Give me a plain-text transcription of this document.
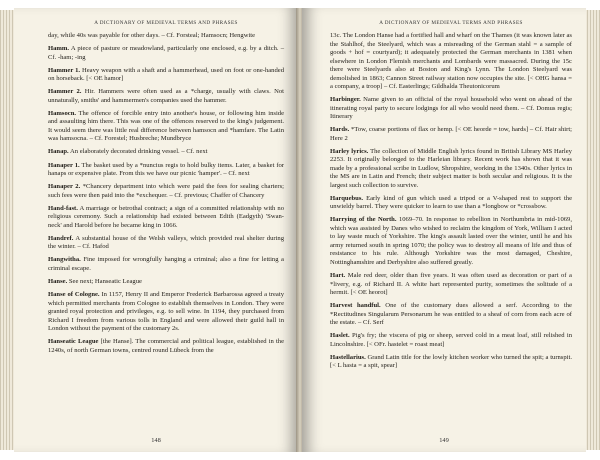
A DICTIONARY OF MEDIEVAL TERMS AND PHRASES

day, while 40s was payable for other days. – Cf. Forsteal; Hamsocn; Hengwite

Hamm. A piece of pasture or meadowland, particularly one enclosed, e.g. by a ditch. – Cf. -ham; -ing

Hammer 1. Heavy weapon with a shaft and a hammerhead, used on foot or one-handed on horseback. [< OE hamor]

Hammer 2. Hir. Hammers were often used as a *charge, usually with claws. Not unnaturally, smiths' and hammermen's companies used the hammer.

Hamsocn. The offence of forcible entry into another's house, or following him inside and assaulting him there. This was one of the offences reserved to the king's judgement. It would seem there was little real difference between hamsocn and *hamfare. The Latin was hamsocna. – Cf. Forestel; Husbreche; Mundbryce

Hanap. An elaborately decorated drinking vessel. – Cf. next

Hanaper 1. The basket used by a *nuncius regis to hold bulky items. Later, a basket for hanaps or expensive plate. From this we have our picnic 'hamper'. – Cf. next

Hanaper 2. *Chancery department into which were paid the fees for sealing charters; such fees were then paid into the *exchequer. – Cf. previous; Chaffer of Chancery

Hand-fast. A marriage or betrothal contract; a sign of a committed relationship with no religious ceremony. Such a relationship had existed between Edith (Eadgyth) 'Swan-neck' and Harold before he became king in 1066.

Handref. A substantial house of the Welsh valleys, which provided real shelter during the winter. – Cf. Hafod

Hangwitha. Fine imposed for wrongfully hanging a criminal; also a fine for letting a criminal escape.

Hanse. See next; Hanseatic League

Hanse of Cologne. In 1157, Henry II and Emperor Frederick Barbarossa agreed a treaty which permitted merchants from Cologne to establish themselves in London. They were granted royal protection and privileges, e.g. to sell wine. In 1194, they purchased from Richard I freedom from various tolls in England and were allowed their guild hall in London without the payment of the customary 2s.

Hanseatic League [the Hanse]. The commercial and political league, established in the 1240s, of north German towns, centred round Lübeck from the

148
A DICTIONARY OF MEDIEVAL TERMS AND PHRASES

13c. The London Hanse had a fortified hall and wharf on the Thames (it was known later as the Stahlhof, the Steelyard, which was a misreading of the German stahl = a sample of goods + hof = courtyard); it adequately protected the German merchants in 1381 when elsewhere in London Flemish merchants and Lombards were massacred. During the 15c there were Steelyards also at Boston and King's Lynn. The London Steelyard was demolished in 1863; Cannon Street railway station now occupies the site. [< OHG hansa = a company, a troop] – Cf. Easterlings; Gildhalda Theutonicorum

Harbinger. Name given to an official of the royal household who went on ahead of the itinerating royal party to secure lodgings for all who would need them. – Cf. Domus regis; Itinerary

Hards. *Tow, coarse portions of flax or hemp. [< OE heorde = tow, hards] – Cf. Hair shirt; Here 2

Harley lyrics. The collection of Middle English lyrics found in British Library MS Harley 2253. It originally belonged to the Harleian library. Recent work has shown that it was made by a professional scribe in Ludlow, Shropshire, working in the 1340s. Other lyrics in the MS are in Latin and French; their subject matter is both secular and religious. It is the largest such collection to survive.

Harquebus. Early kind of gun which used a tripod or a V-shaped rest to support the unwieldy barrel. They were quicker to learn to use than a *longbow or *crossbow.

Harrying of the North. 1069–70. In response to rebellion in Northumbria in mid-1069, which was assisted by Danes who wished to reclaim the kingdom of York, William I acted to lay waste much of Yorkshire. The king's assault lasted over the winter, until he and his army returned south in spring 1070; the policy was to destroy all means of life and thus of resistance to his rule. Although Yorkshire was the most damaged, Cheshire, Nottinghamshire and Derbyshire also suffered greatly.

Hart. Male red deer, older than five years. It was often used as decoration or part of a *livery, e.g. of Richard II. A white hart represented purity, sometimes the solitude of a hermit. [< OE heorot]

Harvest handful. One of the customary dues allowed a serf. According to the *Rectitudines Singularum Personarum he was entitled to a sheaf of corn from each acre of the estate. – Cf. Serf

Haslet. Pig's fry; the viscera of pig or sheep, served cold in a meat loaf, still relished in Lincolnshire. [< OFr. hastelet = roast meat]

Hastellarius. Grand Latin title for the lowly kitchen worker who turned the spit; a turnspit. [< L hasta = a spit, spear]

149
